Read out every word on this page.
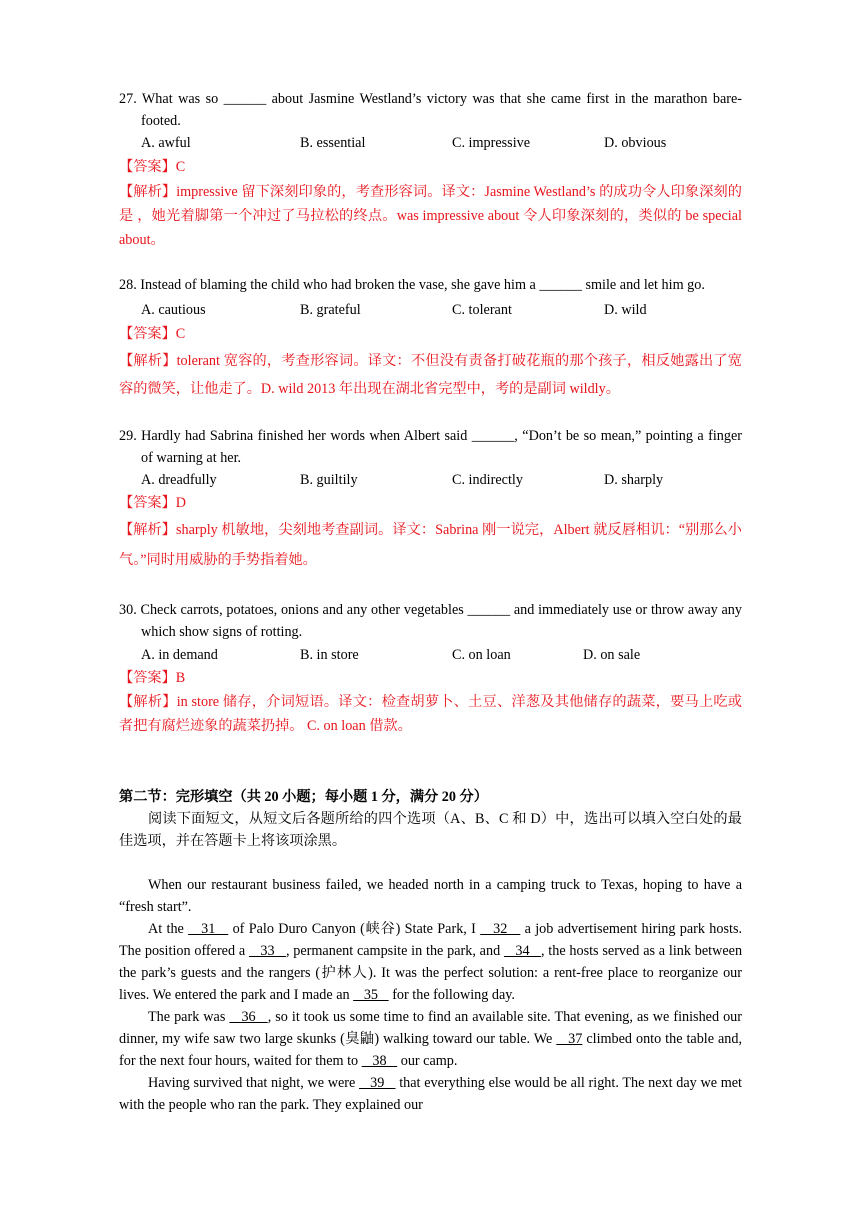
27. What was so ______ about Jasmine Westland’s victory was that she came first in the marathon bare-footed.
A. awful	B. essential	C. impressive	D. obvious
【答案】C
【解析】impressive 留下深刻印象的，考查形容词。译文：Jasmine Westland’s 的成功令人印象深刻的是 ，她光着脚第一个冲过了马拉松的终点。was impressive about 令人印象深刻的，类似的 be special about。
28. Instead of blaming the child who had broken the vase, she gave him a ______ smile and let him go.
A. cautious	B. grateful	C. tolerant	D. wild
【答案】C
【解析】tolerant 宽容的，考查形容词。译文：不但没有责备打破花瓶的那个孩子，相反她露出了宽容的微笑，让他走了。D. wild 2013 年出现在湖北省完型中，考的是副词 wildly。
29. Hardly had Sabrina finished her words when Albert said ______, “Don’t be so mean,” pointing a finger of warning at her.
A. dreadfully	B. guiltily	C. indirectly	D. sharply
【答案】D
【解析】sharply 机敏地，尖刻地考查副词。译文：Sabrina 刚一说完，Albert 就反唇相讥：“别那么小气。”同时用威胁的手势指着她。
30. Check carrots, potatoes, onions and any other vegetables ______ and immediately use or throw away any which show signs of rotting.
A. in demand	B. in store	C. on loan	D. on sale
【答案】B
【解析】in store 储存，介词短语。译文：检查胡萝卜、土豆、洋葱及其他储存的蔬菜，要马上吃或者把有腐烂迹象的蔬菜扔掉。 C. on loan 借款。
第二节：完形填空（共 20 小题；每小题 1 分，满分 20 分）
阅读下面短文，从短文后各题所给的四个选项（A、B、C 和 D）中，选出可以填入空白处的最佳选项，并在答题卡上将该项涂黑。
When our restaurant business failed, we headed north in a camping truck to Texas, hoping to have a “fresh start”.
At the    31    of Palo Duro Canyon (峡谷) State Park, I    32    a job advertisement hiring park hosts. The position offered a    33   , permanent campsite in the park, and    34   , the hosts served as a link between the park’s guests and the rangers (护林人). It was the perfect solution: a rent-free place to reorganize our lives. We entered the park and I made an    35    for the following day.
The park was    36   , so it took us some time to find an available site. That evening, as we finished our dinner, my wife saw two large skunks (臭鼬) walking toward our table. We    37 climbed onto the table and, for the next four hours, waited for them to    38    our camp.
Having survived that night, we were    39    that everything else would be all right. The next day we met with the people who ran the park. They explained our
